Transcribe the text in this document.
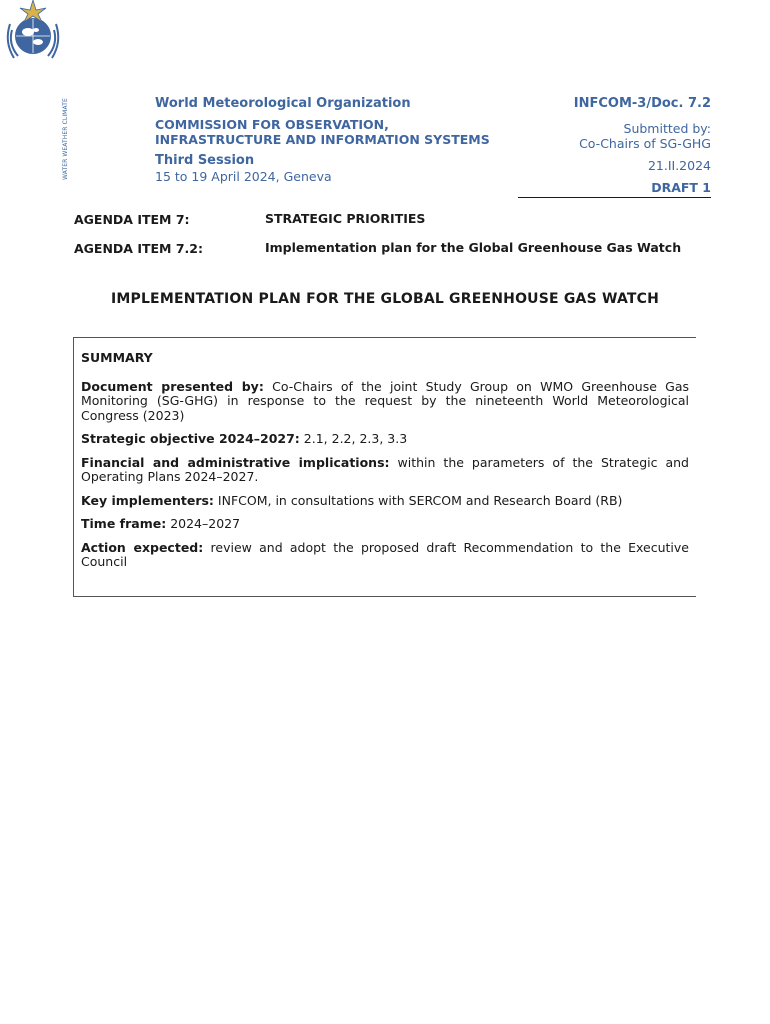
WATER WEATHER CLIMATE	World Meteorological Organization

COMMISSION FOR OBSERVATION,
INFRASTRUCTURE AND INFORMATION SYSTEMS

Third Session

15 to 19 April 2024, Geneva

INFCOM-3/Doc. 7.2
Submitted by:
Co-Chairs of SG-GHG
21.II.2024
DRAFT 1
AGENDA ITEM 7:	STRATEGIC PRIORITIES
AGENDA ITEM 7.2:	Implementation plan for the Global Greenhouse Gas Watch
IMPLEMENTATION PLAN FOR THE GLOBAL GREENHOUSE GAS WATCH

SUMMARY

Document presented by: Co-Chairs of the joint Study Group on WMO Greenhouse Gas Monitoring (SG-GHG) in response to the request by the nineteenth World Meteorological Congress (2023)

Strategic objective 2024–2027: 2.1, 2.2, 2.3, 3.3

Financial and administrative implications: within the parameters of the Strategic and Operating Plans 2024–2027.

Key implementers: INFCOM, in consultations with SERCOM and Research Board (RB)

Time frame: 2024–2027

Action expected: review and adopt the proposed draft Recommendation to the Executive Council
